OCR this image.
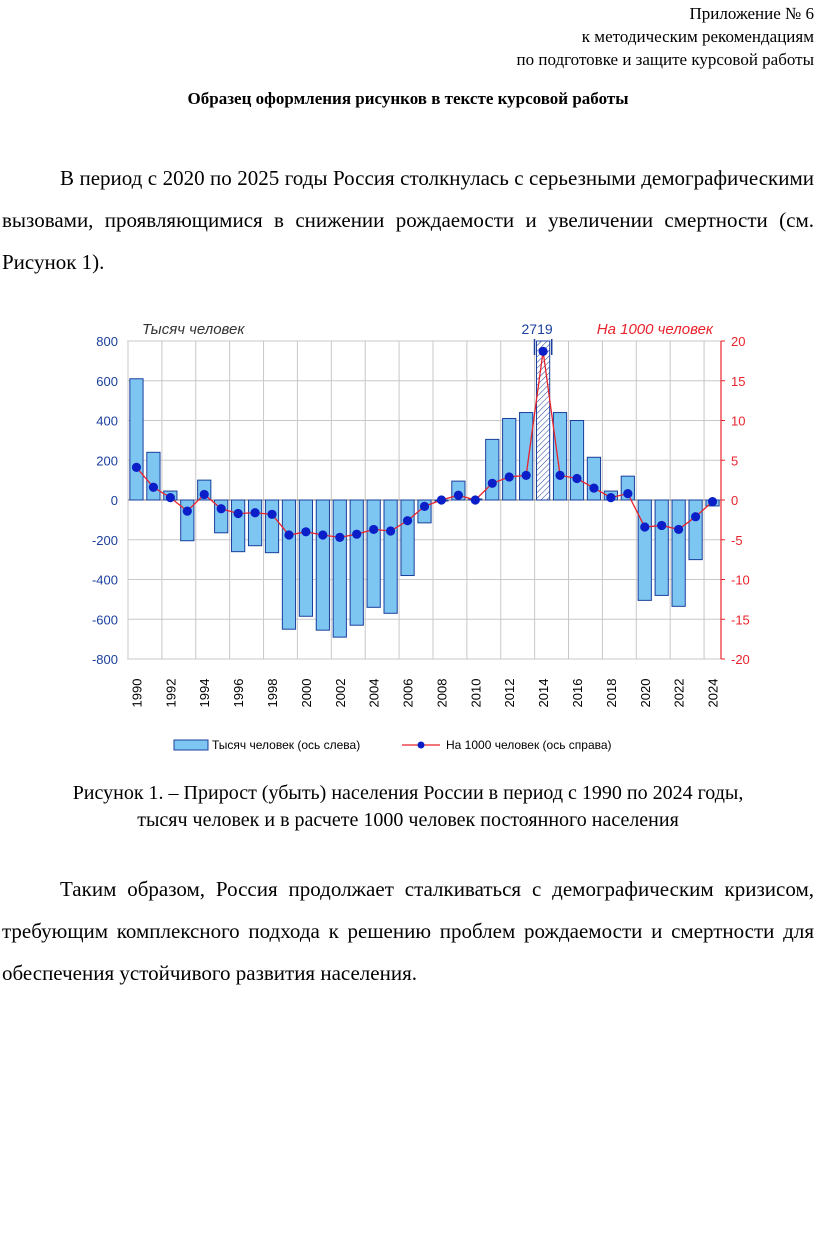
Приложение № 6
к методическим рекомендациям
по подготовке и защите курсовой работы
Образец оформления рисунков в тексте курсовой работы

В период с 2020 по 2025 годы Россия столкнулась с серьезными демографическими вызовами, проявляющимися в снижении рождаемости и увеличении смертности (см. Рисунок 1).

800
600
400
200
0
-200
-400
-600
-800
20
15
10
5
0
-5
-10
-15
-20
2719
1990 1992 1994 1996 1998 2000 2002 2004 2006 2008 2010 2012 2014 2016 2018 2020 2022 2024
Тысяч человек	На 1000 человек
Тысяч человек (ось слева)	На 1000 человек (ось справа)
Рисунок 1. – Прирост (убыть) населения России в период с 1990 по 2024 годы,
тысяч человек и в расчете 1000 человек постоянного населения

Таким образом, Россия продолжает сталкиваться с демографическим кризисом, требующим комплексного подхода к решению проблем рождаемости и смертности для обеспечения устойчивого развития населения.
